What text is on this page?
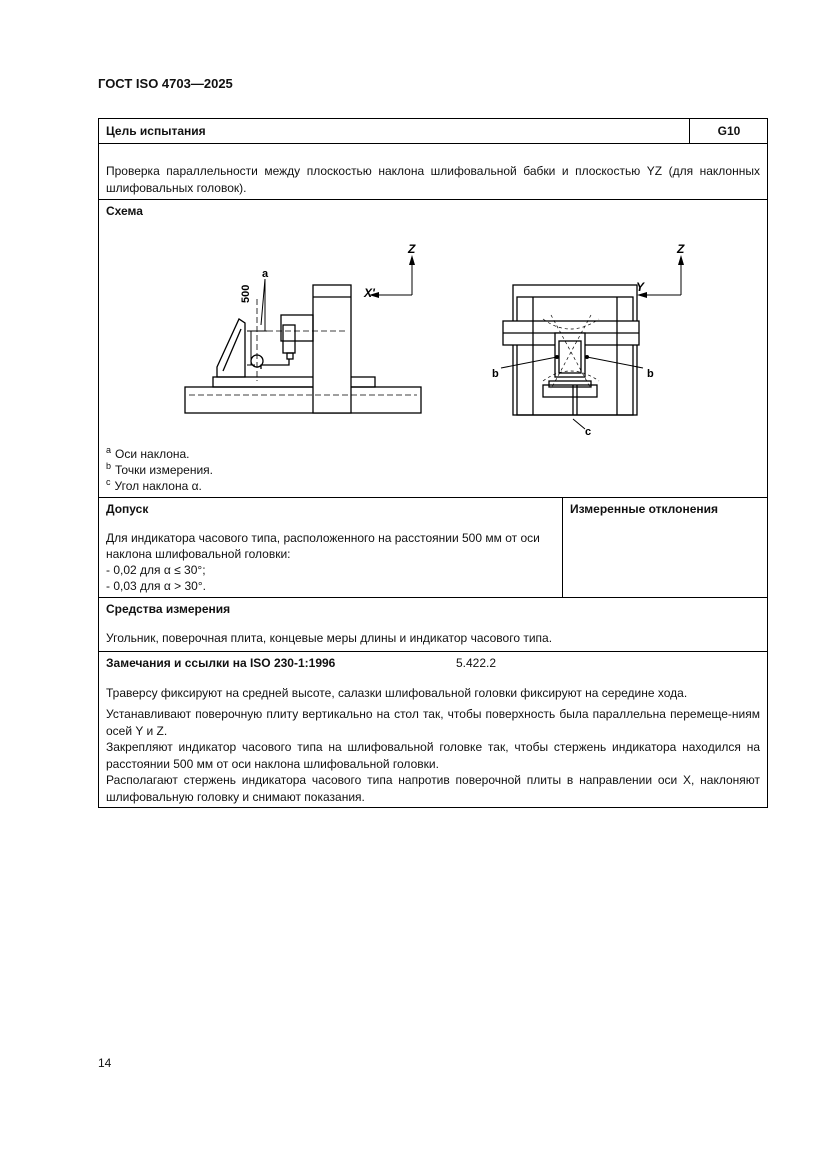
ГОСТ ISO 4703—2025
Цель испытания	G10
Проверка параллельности между плоскостью наклона шлифовальной бабки и плоскостью YZ (для наклонных шлифовальных головок).
Схема
Z
X'
a
500
Z
Y
b	b
c
$^a$ Оси наклона.
$^b$ Точки измерения.
$^c$ Угол наклона α.
Допуск	Измеренные отклонения
Для индикатора часового типа, расположенного на расстоянии 500 мм от оси наклона шлифовальной головки:
- 0,02 для α ≤ 30°;
- 0,03 для α > 30°.
Средства измерения
Угольник, поверочная плита, концевые меры длины и индикатор часового типа.
Замечания и ссылки на ISO 230-1:1996	5.422.2
Траверсу фиксируют на средней высоте, салазки шлифовальной головки фиксируют на середине хода.
Устанавливают поверочную плиту вертикально на стол так, чтобы поверхность была параллельна перемеще-ниям осей Y и Z.
Закрепляют индикатор часового типа на шлифовальной головке так, чтобы стержень индикатора находился на расстоянии 500 мм от оси наклона шлифовальной головки.
Располагают стержень индикатора часового типа напротив поверочной плиты в направлении оси X, наклоняют шлифовальную головку и снимают показания.
14
